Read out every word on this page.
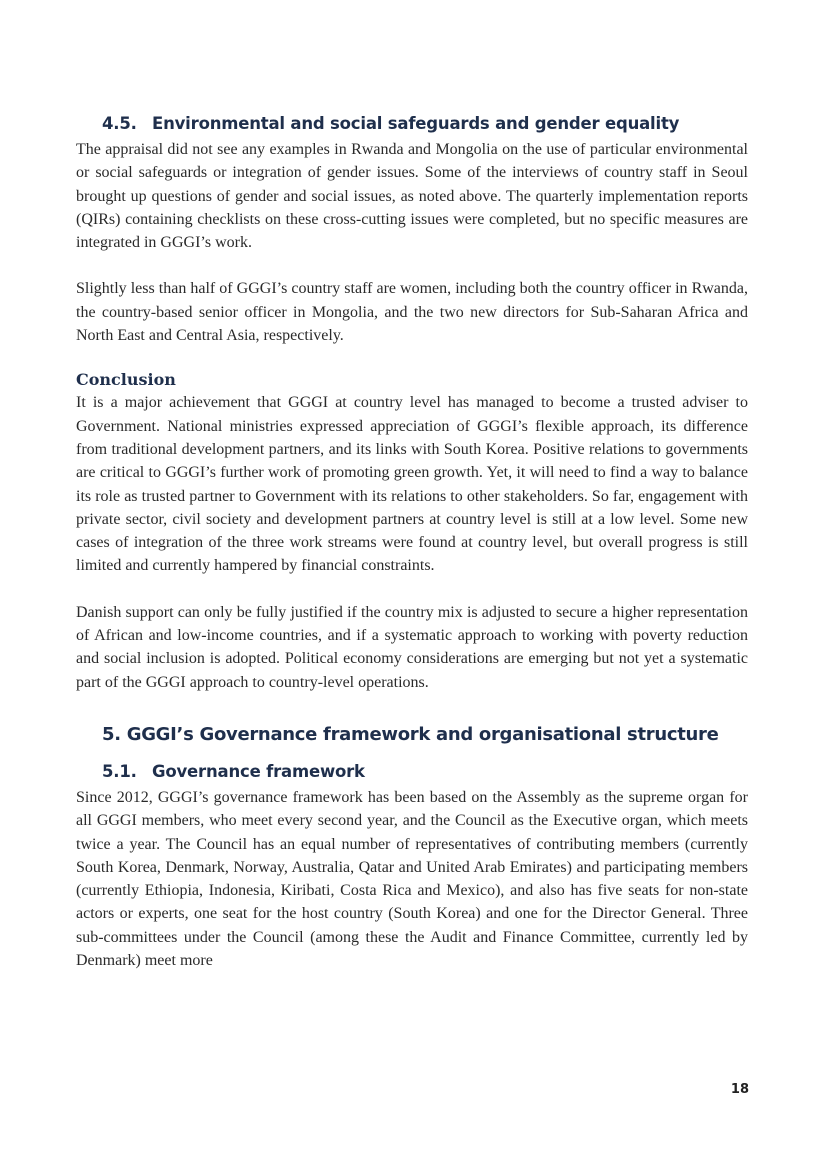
4.5. Environmental and social safeguards and gender equality

The appraisal did not see any examples in Rwanda and Mongolia on the use of particular environmental or social safeguards or integration of gender issues. Some of the interviews of country staff in Seoul brought up questions of gender and social issues, as noted above. The quarterly implementation reports (QIRs) containing checklists on these cross-cutting issues were completed, but no specific measures are integrated in GGGI’s work.

Slightly less than half of GGGI’s country staff are women, including both the country officer in Rwanda, the country-based senior officer in Mongolia, and the two new directors for Sub-Saharan Africa and North East and Central Asia, respectively.

Conclusion

It is a major achievement that GGGI at country level has managed to become a trusted adviser to Government. National ministries expressed appreciation of GGGI’s flexible approach, its difference from traditional development partners, and its links with South Korea. Positive relations to governments are critical to GGGI’s further work of promoting green growth. Yet, it will need to find a way to balance its role as trusted partner to Government with its relations to other stakeholders. So far, engagement with private sector, civil society and development partners at country level is still at a low level. Some new cases of integration of the three work streams were found at country level, but overall progress is still limited and currently hampered by financial constraints.

Danish support can only be fully justified if the country mix is adjusted to secure a higher representation of African and low-income countries, and if a systematic approach to working with poverty reduction and social inclusion is adopted. Political economy considerations are emerging but not yet a systematic part of the GGGI approach to country-level operations.

5. GGGI’s Governance framework and organisational structure
5.1. Governance framework

Since 2012, GGGI’s governance framework has been based on the Assembly as the supreme organ for all GGGI members, who meet every second year, and the Council as the Executive organ, which meets twice a year. The Council has an equal number of representatives of contributing members (currently South Korea, Denmark, Norway, Australia, Qatar and United Arab Emirates) and participating members (currently Ethiopia, Indonesia, Kiribati, Costa Rica and Mexico), and also has five seats for non-state actors or experts, one seat for the host country (South Korea) and one for the Director General. Three sub-committees under the Council (among these the Audit and Finance Committee, currently led by Denmark) meet more

18
